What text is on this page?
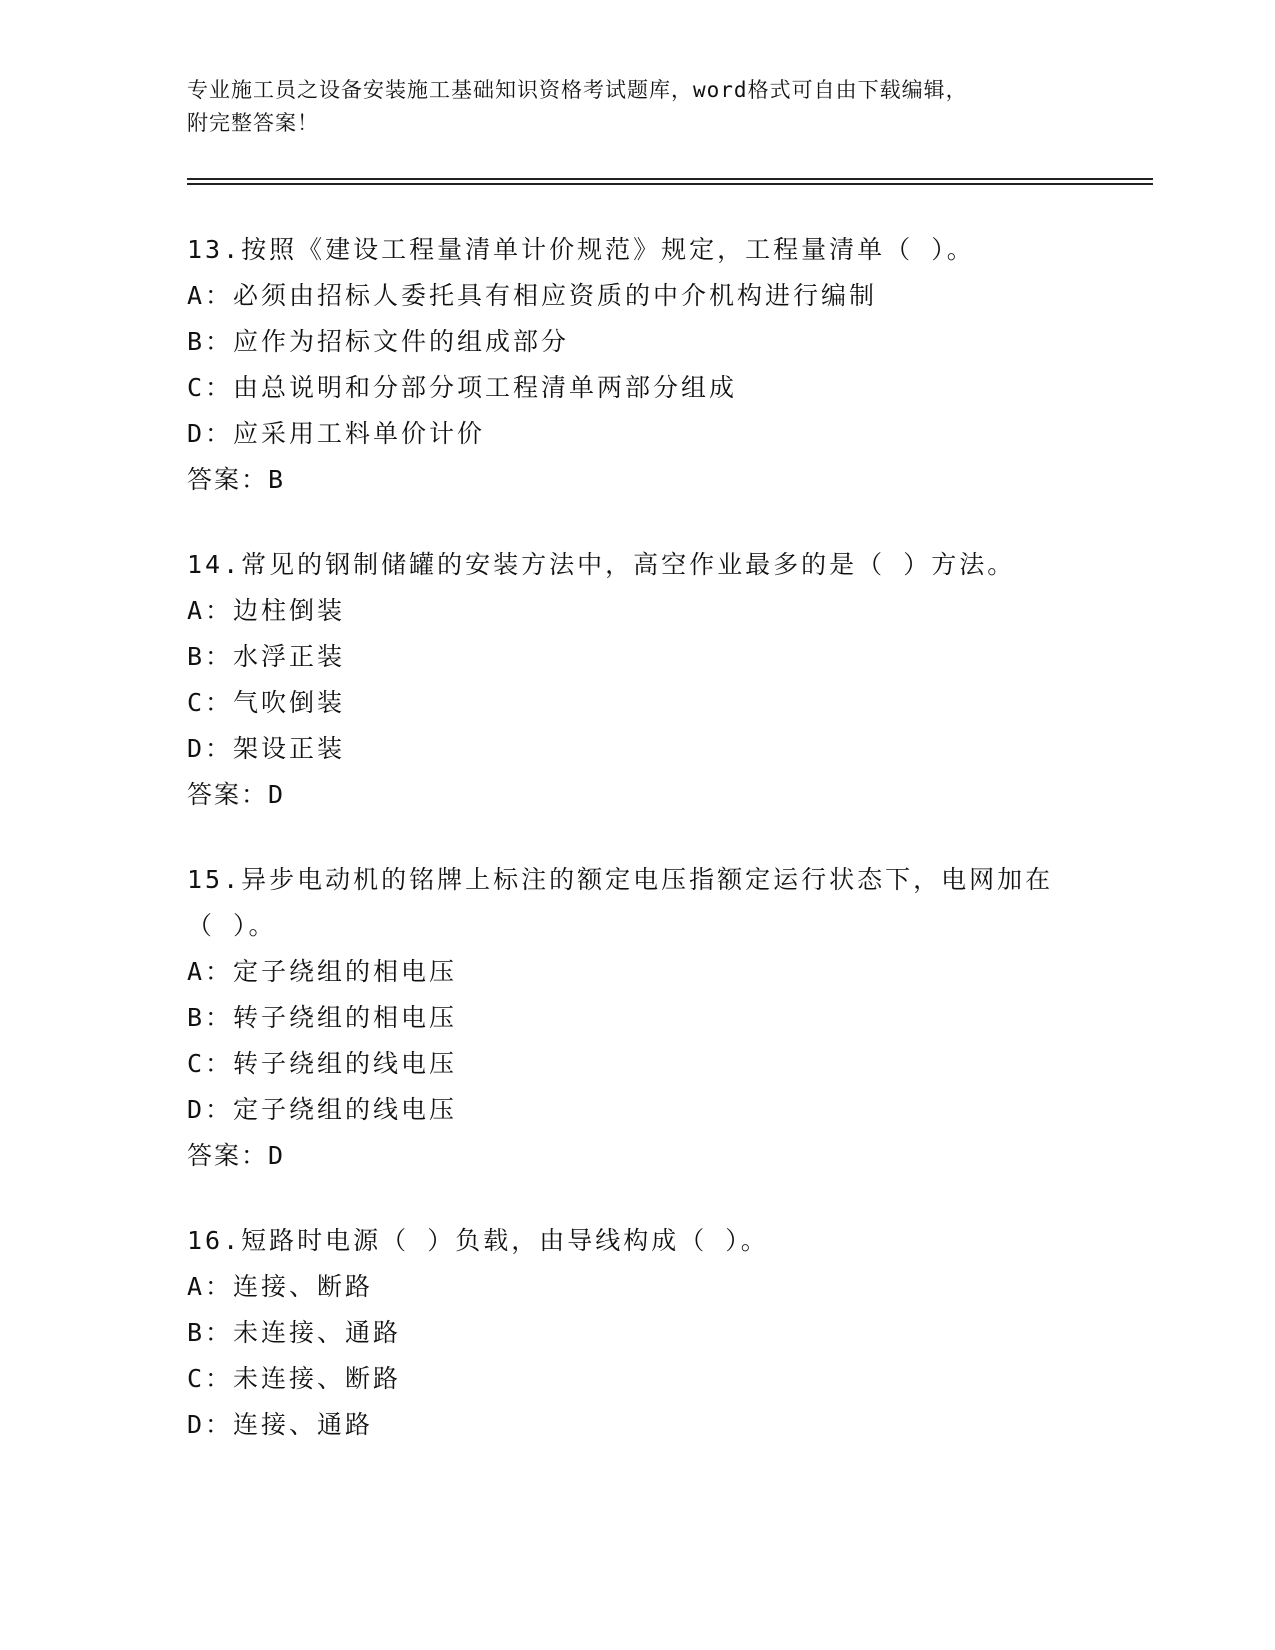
专业施工员之设备安装施工基础知识资格考试题库，word格式可自由下载编辑，
附完整答案！
13.按照《建设工程量清单计价规范》规定，工程量清单（ ）。
A：必须由招标人委托具有相应资质的中介机构进行编制
B：应作为招标文件的组成部分
C：由总说明和分部分项工程清单两部分组成
D：应采用工料单价计价
答案：B
14.常见的钢制储罐的安装方法中，高空作业最多的是（ ）方法。
A：边柱倒装
B：水浮正装
C：气吹倒装
D：架设正装
答案：D
15.异步电动机的铭牌上标注的额定电压指额定运行状态下，电网加在（ ）。
A：定子绕组的相电压
B：转子绕组的相电压
C：转子绕组的线电压
D：定子绕组的线电压
答案：D
16.短路时电源（ ）负载，由导线构成（ ）。
A：连接、断路
B：未连接、通路
C：未连接、断路
D：连接、通路
